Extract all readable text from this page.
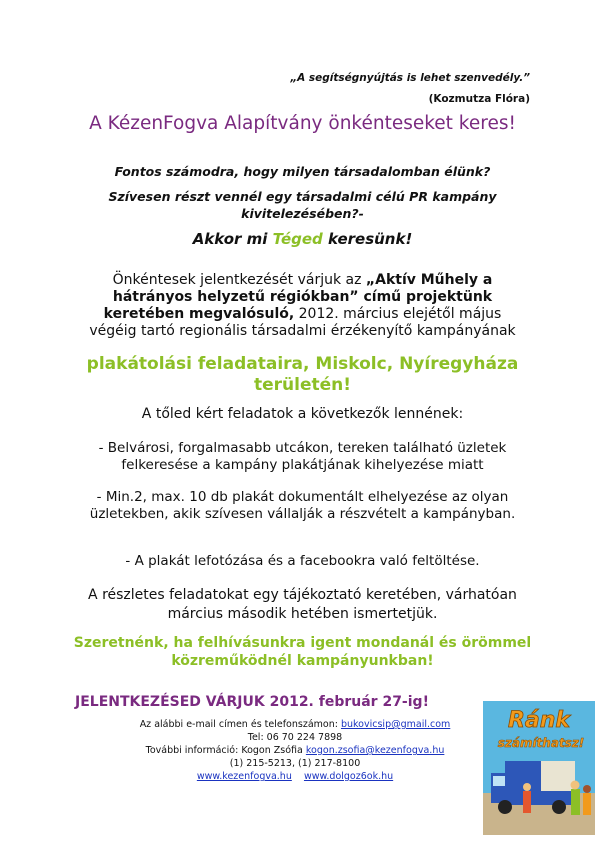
„A segítségnyújtás is lehet szenvedély.”
(Kozmutza Flóra)
A KézenFogva Alapítvány önkénteseket keres!
Fontos számodra, hogy milyen társadalomban élünk?
Szívesen részt vennél egy társadalmi célú PR kampány kivitelezésében?-
Akkor mi Téged keresünk!
Önkéntesek jelentkezését várjuk az „Aktív Műhely a hátrányos helyzetű régiókban” című projektünk keretében megvalósuló, 2012. március elejétől május végéig tartó regionális társadalmi érzékenyítő kampányának
plakátolási feladataira, Miskolc, Nyíregyháza területén!
A tőled kért feladatok a következők lennének:
- Belvárosi, forgalmasabb utcákon, tereken található üzletek felkeresése a kampány plakátjának kihelyezése miatt
- Min.2, max. 10 db plakát dokumentált elhelyezése az olyan üzletekben, akik szívesen vállalják a részvételt a kampányban.
- A plakát lefotózása és a facebookra való feltöltése.
A részletes feladatokat egy tájékoztató keretében, várhatóan március második hetében ismertetjük.
Szeretnénk, ha felhívásunkra igent mondanál és örömmel közreműködnél kampányunkban!
JELENTKEZÉSED VÁRJUK 2012. február 27-ig!
Az alábbi e-mail címen és telefonszámon: bukovicsip@gmail.com
Tel: 06 70 224 7898
További információ: Kogon Zsófia kogon.zsofia@kezenfogva.hu
(1) 215-5213, (1) 217-8100
www.kezenfogva.hu www.dolgoz6ok.hu
Ránk
számíthatsz!
